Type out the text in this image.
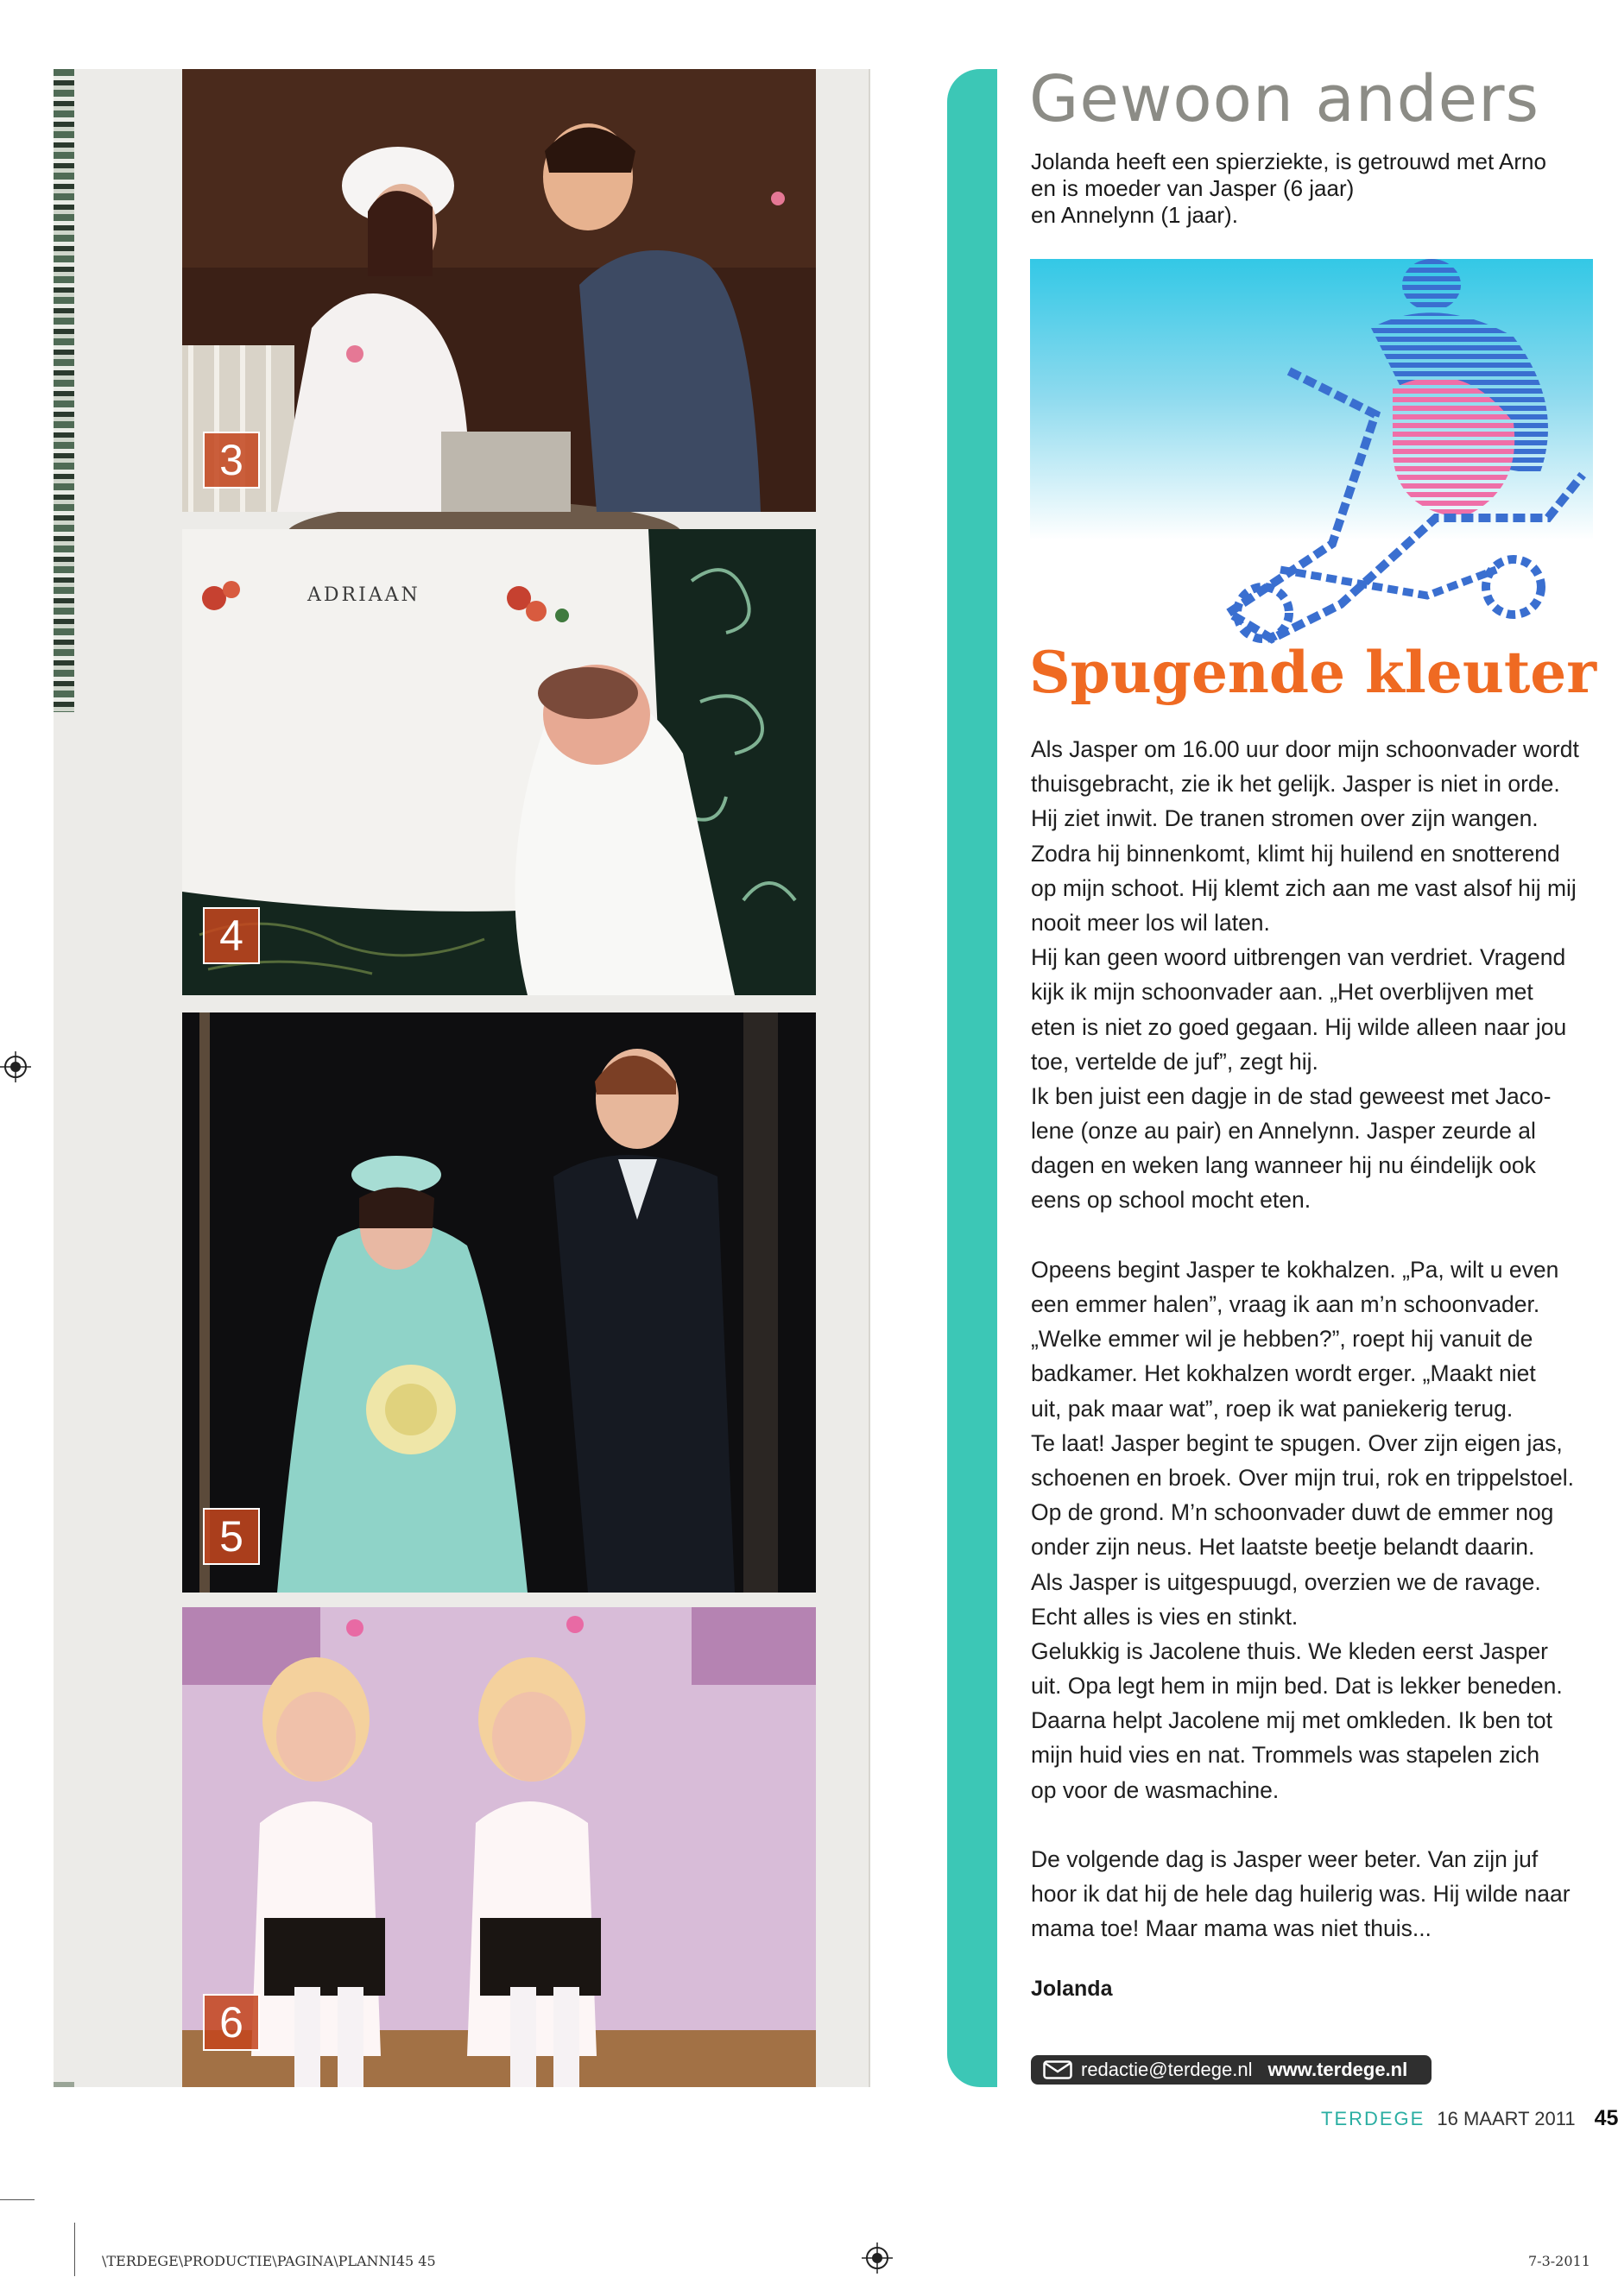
3
ADRIAAN
4
5
6
Gewoon anders
Jolanda heeft een spierziekte, is getrouwd met Arno
en is moeder van Jasper (6 jaar)
en Annelynn (1 jaar).
Spugende kleuter
Als Jasper om 16.00 uur door mijn schoonvader wordt
thuisgebracht, zie ik het gelijk. Jasper is niet in orde.
Hij ziet inwit. De tranen stromen over zijn wangen.
Zodra hij binnenkomt, klimt hij huilend en snotterend
op mijn schoot. Hij klemt zich aan me vast alsof hij mij
nooit meer los wil laten.
Hij kan geen woord uitbrengen van verdriet. Vragend
kijk ik mijn schoonvader aan. „Het overblijven met
eten is niet zo goed gegaan. Hij wilde alleen naar jou
toe, vertelde de juf”, zegt hij.
Ik ben juist een dagje in de stad geweest met Jaco-
lene (onze au pair) en Annelynn. Jasper zeurde al
dagen en weken lang wanneer hij nu éindelijk ook
eens op school mocht eten.
Opeens begint Jasper te kokhalzen. „Pa, wilt u even
een emmer halen”, vraag ik aan m’n schoonvader.
„Welke emmer wil je hebben?”, roept hij vanuit de
badkamer. Het kokhalzen wordt erger. „Maakt niet
uit, pak maar wat”, roep ik wat paniekerig terug.
Te laat! Jasper begint te spugen. Over zijn eigen jas,
schoenen en broek. Over mijn trui, rok en trippelstoel.
Op de grond. M’n schoonvader duwt de emmer nog
onder zijn neus. Het laatste beetje belandt daarin.
Als Jasper is uitgespuugd, overzien we de ravage.
Echt alles is vies en stinkt.
Gelukkig is Jacolene thuis. We kleden eerst Jasper
uit. Opa legt hem in mijn bed. Dat is lekker beneden.
Daarna helpt Jacolene mij met omkleden. Ik ben tot
mijn huid vies en nat. Trommels was stapelen zich
op voor de wasmachine.
De volgende dag is Jasper weer beter. Van zijn juf
hoor ik dat hij de hele dag huilerig was. Hij wilde naar
mama toe! Maar mama was niet thuis...
Jolanda
redactie@terdege.nl www.terdege.nl
TERDEGE 16 MAART 2011 45
\TERDEGE\PRODUCTIE\PAGINA\PLANNI45 45	7-3-2011
